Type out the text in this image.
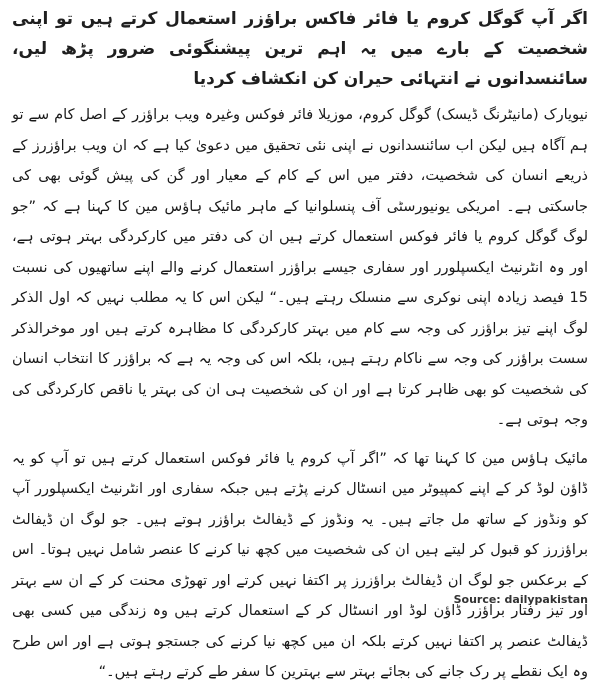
اگر آپ گوگل کروم یا فائر فاکس براؤزر استعمال کرتے ہیں تو اپنی شخصیت کے بارے میں یہ اہم ترین پیشنگوئی ضرور پڑھ لیں، سائنسدانوں نے انتہائی حیران کن انکشاف کردیا

نیویارک (مانیٹرنگ ڈیسک) گوگل کروم، موزیلا فائر فوکس وغیرہ ویب براؤزر کے اصل کام سے تو ہم آگاہ ہیں لیکن اب سائنسدانوں نے اپنی نئی تحقیق میں دعویٰ کیا ہے کہ ان ویب براؤزرز کے ذریعے انسان کی شخصیت، دفتر میں اس کے کام کے معیار اور گن کی پیش گوئی بھی کی جاسکتی ہے۔ امریکی یونیورسٹی آف پنسلوانیا کے ماہر مائیک ہاؤس مین کا کہنا ہے کہ ”جو لوگ گوگل کروم یا فائر فوکس استعمال کرتے ہیں ان کی دفتر میں کارکردگی بہتر ہوتی ہے، اور وہ انٹرنیٹ ایکسپلورر اور سفاری جیسے براؤزر استعمال کرنے والے اپنے ساتھیوں کی نسبت 15 فیصد زیادہ اپنی نوکری سے منسلک رہتے ہیں۔“ لیکن اس کا یہ مطلب نہیں کہ اول الذکر لوگ اپنے تیز براؤزر کی وجہ سے کام میں بہتر کارکردگی کا مظاہرہ کرتے ہیں اور موخرالذکر سست براؤزر کی وجہ سے ناکام رہتے ہیں، بلکہ اس کی وجہ یہ ہے کہ براؤزر کا انتخاب انسان کی شخصیت کو بھی ظاہر کرتا ہے اور ان کی شخصیت ہی ان کی بہتر یا ناقص کارکردگی کی وجہ ہوتی ہے۔

مائیک ہاؤس مین کا کہنا تھا کہ ”اگر آپ کروم یا فائر فوکس استعمال کرتے ہیں تو آپ کو یہ ڈاؤن لوڈ کر کے اپنے کمپیوٹر میں انسٹال کرنے پڑتے ہیں جبکہ سفاری اور انٹرنیٹ ایکسپلورر آپ کو ونڈوز کے ساتھ مل جاتے ہیں۔ یہ ونڈوز کے ڈیفالٹ براؤزر ہوتے ہیں۔ جو لوگ ان ڈیفالٹ براؤزرز کو قبول کر لیتے ہیں ان کی شخصیت میں کچھ نیا کرنے کا عنصر شامل نہیں ہوتا۔ اس کے برعکس جو لوگ ان ڈیفالٹ براؤزرز پر اکتفا نہیں کرتے اور تھوڑی محنت کر کے ان سے بہتر اور تیز رفتار براؤزر ڈاؤن لوڈ اور انسٹال کر کے استعمال کرتے ہیں وہ زندگی میں کسی بھی ڈیفالٹ عنصر پر اکتفا نہیں کرتے بلکہ ان میں کچھ نیا کرنے کی جستجو ہوتی ہے اور اس طرح وہ ایک نقطے پر رک جانے کی بجائے بہتر سے بہترین کا سفر طے کرتے رہتے ہیں۔“

Source: dailypakistan
